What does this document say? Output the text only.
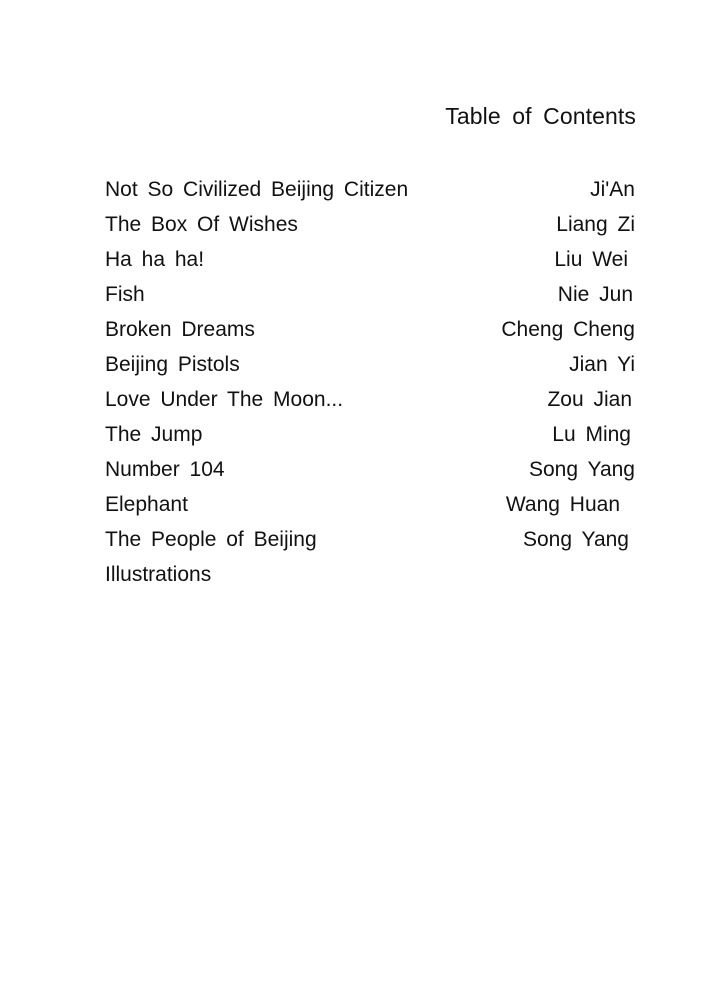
Table of Contents
Not So Civilized Beijing Citizen	Ji'An
The Box Of Wishes	Liang Zi
Ha ha ha!	Liu Wei
Fish	Nie Jun
Broken Dreams	Cheng Cheng
Beijing Pistols	Jian Yi
Love Under The Moon...	Zou Jian
The Jump	Lu Ming
Number 104	Song Yang
Elephant	Wang Huan
The People of Beijing	Song Yang
Illustrations
